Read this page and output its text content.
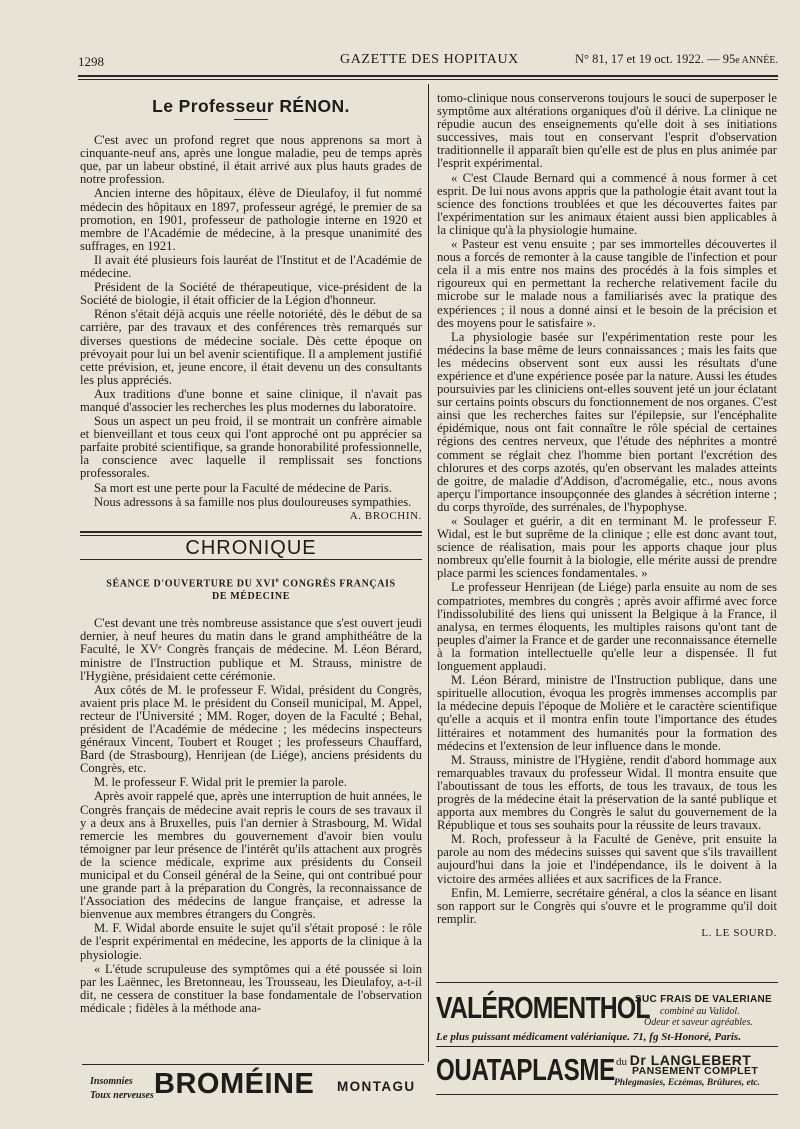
1298	GAZETTE DES HOPITAUX	N° 81, 17 et 19 oct. 1922. — 95e ANNÉE.
Le Professeur RÉNON.

C'est avec un profond regret que nous apprenons sa mort à cinquante-neuf ans, après une longue maladie, peu de temps après que, par un labeur obstiné, il était arrivé aux plus hauts grades de notre profession.

Ancien interne des hôpitaux, élève de Dieulafoy, il fut nommé médecin des hôpitaux en 1897, professeur agrégé, le premier de sa promotion, en 1901, professeur de pathologie interne en 1920 et membre de l'Académie de médecine, à la presque unanimité des suffrages, en 1921.

Il avait été plusieurs fois lauréat de l'Institut et de l'Académie de médecine.

Président de la Société de thérapeutique, vice-président de la Société de biologie, il était officier de la Légion d'honneur.

Rénon s'était déjà acquis une réelle notoriété, dès le début de sa carrière, par des travaux et des conférences très remarqués sur diverses questions de médecine sociale. Dès cette époque on prévoyait pour lui un bel avenir scientifique. Il a amplement justifié cette prévision, et, jeune encore, il était devenu un des consultants les plus appréciés.

Aux traditions d'une bonne et saine clinique, il n'avait pas manqué d'associer les recherches les plus modernes du laboratoire.

Sous un aspect un peu froid, il se montrait un confrère aimable et bienveillant et tous ceux qui l'ont approché ont pu apprécier sa parfaite probité scientifique, sa grande honorabilité professionnelle, la conscience avec laquelle il remplissait ses fonctions professorales.

Sa mort est une perte pour la Faculté de médecine de Paris.

Nous adressons à sa famille nos plus douloureuses sympathies.

A. BROCHIN.
CHRONIQUE
SÉANCE D'OUVERTURE DU XVIe CONGRÈS FRANÇAIS
DE MÉDECINE

C'est devant une très nombreuse assistance que s'est ouvert jeudi dernier, à neuf heures du matin dans le grand amphithéâtre de la Faculté, le XVᵉ Congrès français de médecine. M. Léon Bérard, ministre de l'Instruction publique et M. Strauss, ministre de l'Hygiène, présidaient cette cérémonie.

Aux côtés de M. le professeur F. Widal, président du Congrès, avaient pris place M. le président du Conseil municipal, M. Appel, recteur de l'Université ; MM. Roger, doyen de la Faculté ; Behal, président de l'Académie de médecine ; les médecins inspecteurs généraux Vincent, Toubert et Rouget ; les professeurs Chauffard, Bard (de Strasbourg), Henrijean (de Liége), anciens présidents du Congrès, etc.

M. le professeur F. Widal prit le premier la parole.

Après avoir rappelé que, après une interruption de huit années, le Congrès français de médecine avait repris le cours de ses travaux il y a deux ans à Bruxelles, puis l'an dernier à Strasbourg, M. Widal remercie les membres du gouvernement d'avoir bien voulu témoigner par leur présence de l'intérêt qu'ils attachent aux progrès de la science médicale, exprime aux présidents du Conseil municipal et du Conseil général de la Seine, qui ont contribué pour une grande part à la préparation du Congrès, la reconnaissance de l'Association des médecins de langue française, et adresse la bienvenue aux membres étrangers du Congrès.

M. F. Widal aborde ensuite le sujet qu'il s'était proposé : le rôle de l'esprit expérimental en médecine, les apports de la clinique à la physiologie.

« L'étude scrupuleuse des symptômes qui a été poussée si loin par les Laënnec, les Bretonneau, les Trousseau, les Dieulafoy, a-t-il dit, ne cessera de constituer la base fondamentale de l'observation médicale ; fidèles à la méthode ana-

tomo-clinique nous conserverons toujours le souci de superposer le symptôme aux altérations organiques d'où il dérive. La clinique ne répudie aucun des enseignements qu'elle doit à ses initiations successives, mais tout en conservant l'esprit d'observation traditionnelle il apparaît bien qu'elle est de plus en plus animée par l'esprit expérimental.

« C'est Claude Bernard qui a commencé à nous former à cet esprit. De lui nous avons appris que la pathologie était avant tout la science des fonctions troublées et que les découvertes faites par l'expérimentation sur les animaux étaient aussi bien applicables à la clinique qu'à la physiologie humaine.

« Pasteur est venu ensuite ; par ses immortelles découvertes il nous a forcés de remonter à la cause tangible de l'infection et pour cela il a mis entre nos mains des procédés à la fois simples et rigoureux qui en permettant la recherche relativement facile du microbe sur le malade nous a familiarisés avec la pratique des expériences ; il nous a donné ainsi et le besoin de la précision et des moyens pour le satisfaire ».

La physiologie basée sur l'expérimentation reste pour les médecins la base même de leurs connaissances ; mais les faits que les médecins observent sont eux aussi les résultats d'une expérience et d'une expérience posée par la nature. Aussi les études poursuivies par les cliniciens ont-elles souvent jeté un jour éclatant sur certains points obscurs du fonctionnement de nos organes. C'est ainsi que les recherches faites sur l'épilepsie, sur l'encéphalite épidémique, nous ont fait connaître le rôle spécial de certaines régions des centres nerveux, que l'étude des néphrites a montré comment se réglait chez l'homme bien portant l'excrétion des chlorures et des corps azotés, qu'en observant les malades atteints de goitre, de maladie d'Addison, d'acromégalie, etc., nous avons aperçu l'importance insoupçonnée des glandes à sécrétion interne ; du corps thyroïde, des surrénales, de l'hypophyse.

« Soulager et guérir, a dit en terminant M. le professeur F. Widal, est le but suprême de la clinique ; elle est donc avant tout, science de réalisation, mais pour les apports chaque jour plus nombreux qu'elle fournit à la biologie, elle mérite aussi de prendre place parmi les sciences fondamentales. »

Le professeur Henrijean (de Liége) parla ensuite au nom de ses compatriotes, membres du congrès ; après avoir affirmé avec force l'indissolubilité des liens qui unissent la Belgique à la France, il analysa, en termes éloquents, les multiples raisons qu'ont tant de peuples d'aimer la France et de garder une reconnaissance éternelle à la formation intellectuelle qu'elle leur a dispensée. Il fut longuement applaudi.

M. Léon Bérard, ministre de l'Instruction publique, dans une spirituelle allocution, évoqua les progrès immenses accomplis par la médecine depuis l'époque de Molière et le caractère scientifique qu'elle a acquis et il montra enfin toute l'importance des études littéraires et notamment des humanités pour la formation des médecins et l'extension de leur influence dans le monde.

M. Strauss, ministre de l'Hygiène, rendit d'abord hommage aux remarquables travaux du professeur Widal. Il montra ensuite que l'aboutissant de tous les efforts, de tous les travaux, de tous les progrès de la médecine était la préservation de la santé publique et apporta aux membres du Congrès le salut du gouvernement de la République et tous ses souhaits pour la réussite de leurs travaux.

M. Roch, professeur à la Faculté de Genève, prit ensuite la parole au nom des médecins suisses qui savent que s'ils travaillent aujourd'hui dans la joie et l'indépendance, ils le doivent à la victoire des armées alliées et aux sacrifices de la France.

Enfin, M. Lemierre, secrétaire général, a clos la séance en lisant son rapport sur le Congrès qui s'ouvre et le programme qu'il doit remplir.

L. LE SOURD.
VALÉROMENTHOL
SUC FRAIS DE VALERIANE
combiné au Validol.
Odeur et saveur agréables.
Le plus puissant médicament valérianique. 71, fg St-Honoré, Paris.
OUATAPLASME du Dr LANGLEBERT
PANSEMENT COMPLET
Phlegmasies, Eczémas, Brûlures, etc.
Insomnies
Toux nerveuses BROMÉINE MONTAGU
